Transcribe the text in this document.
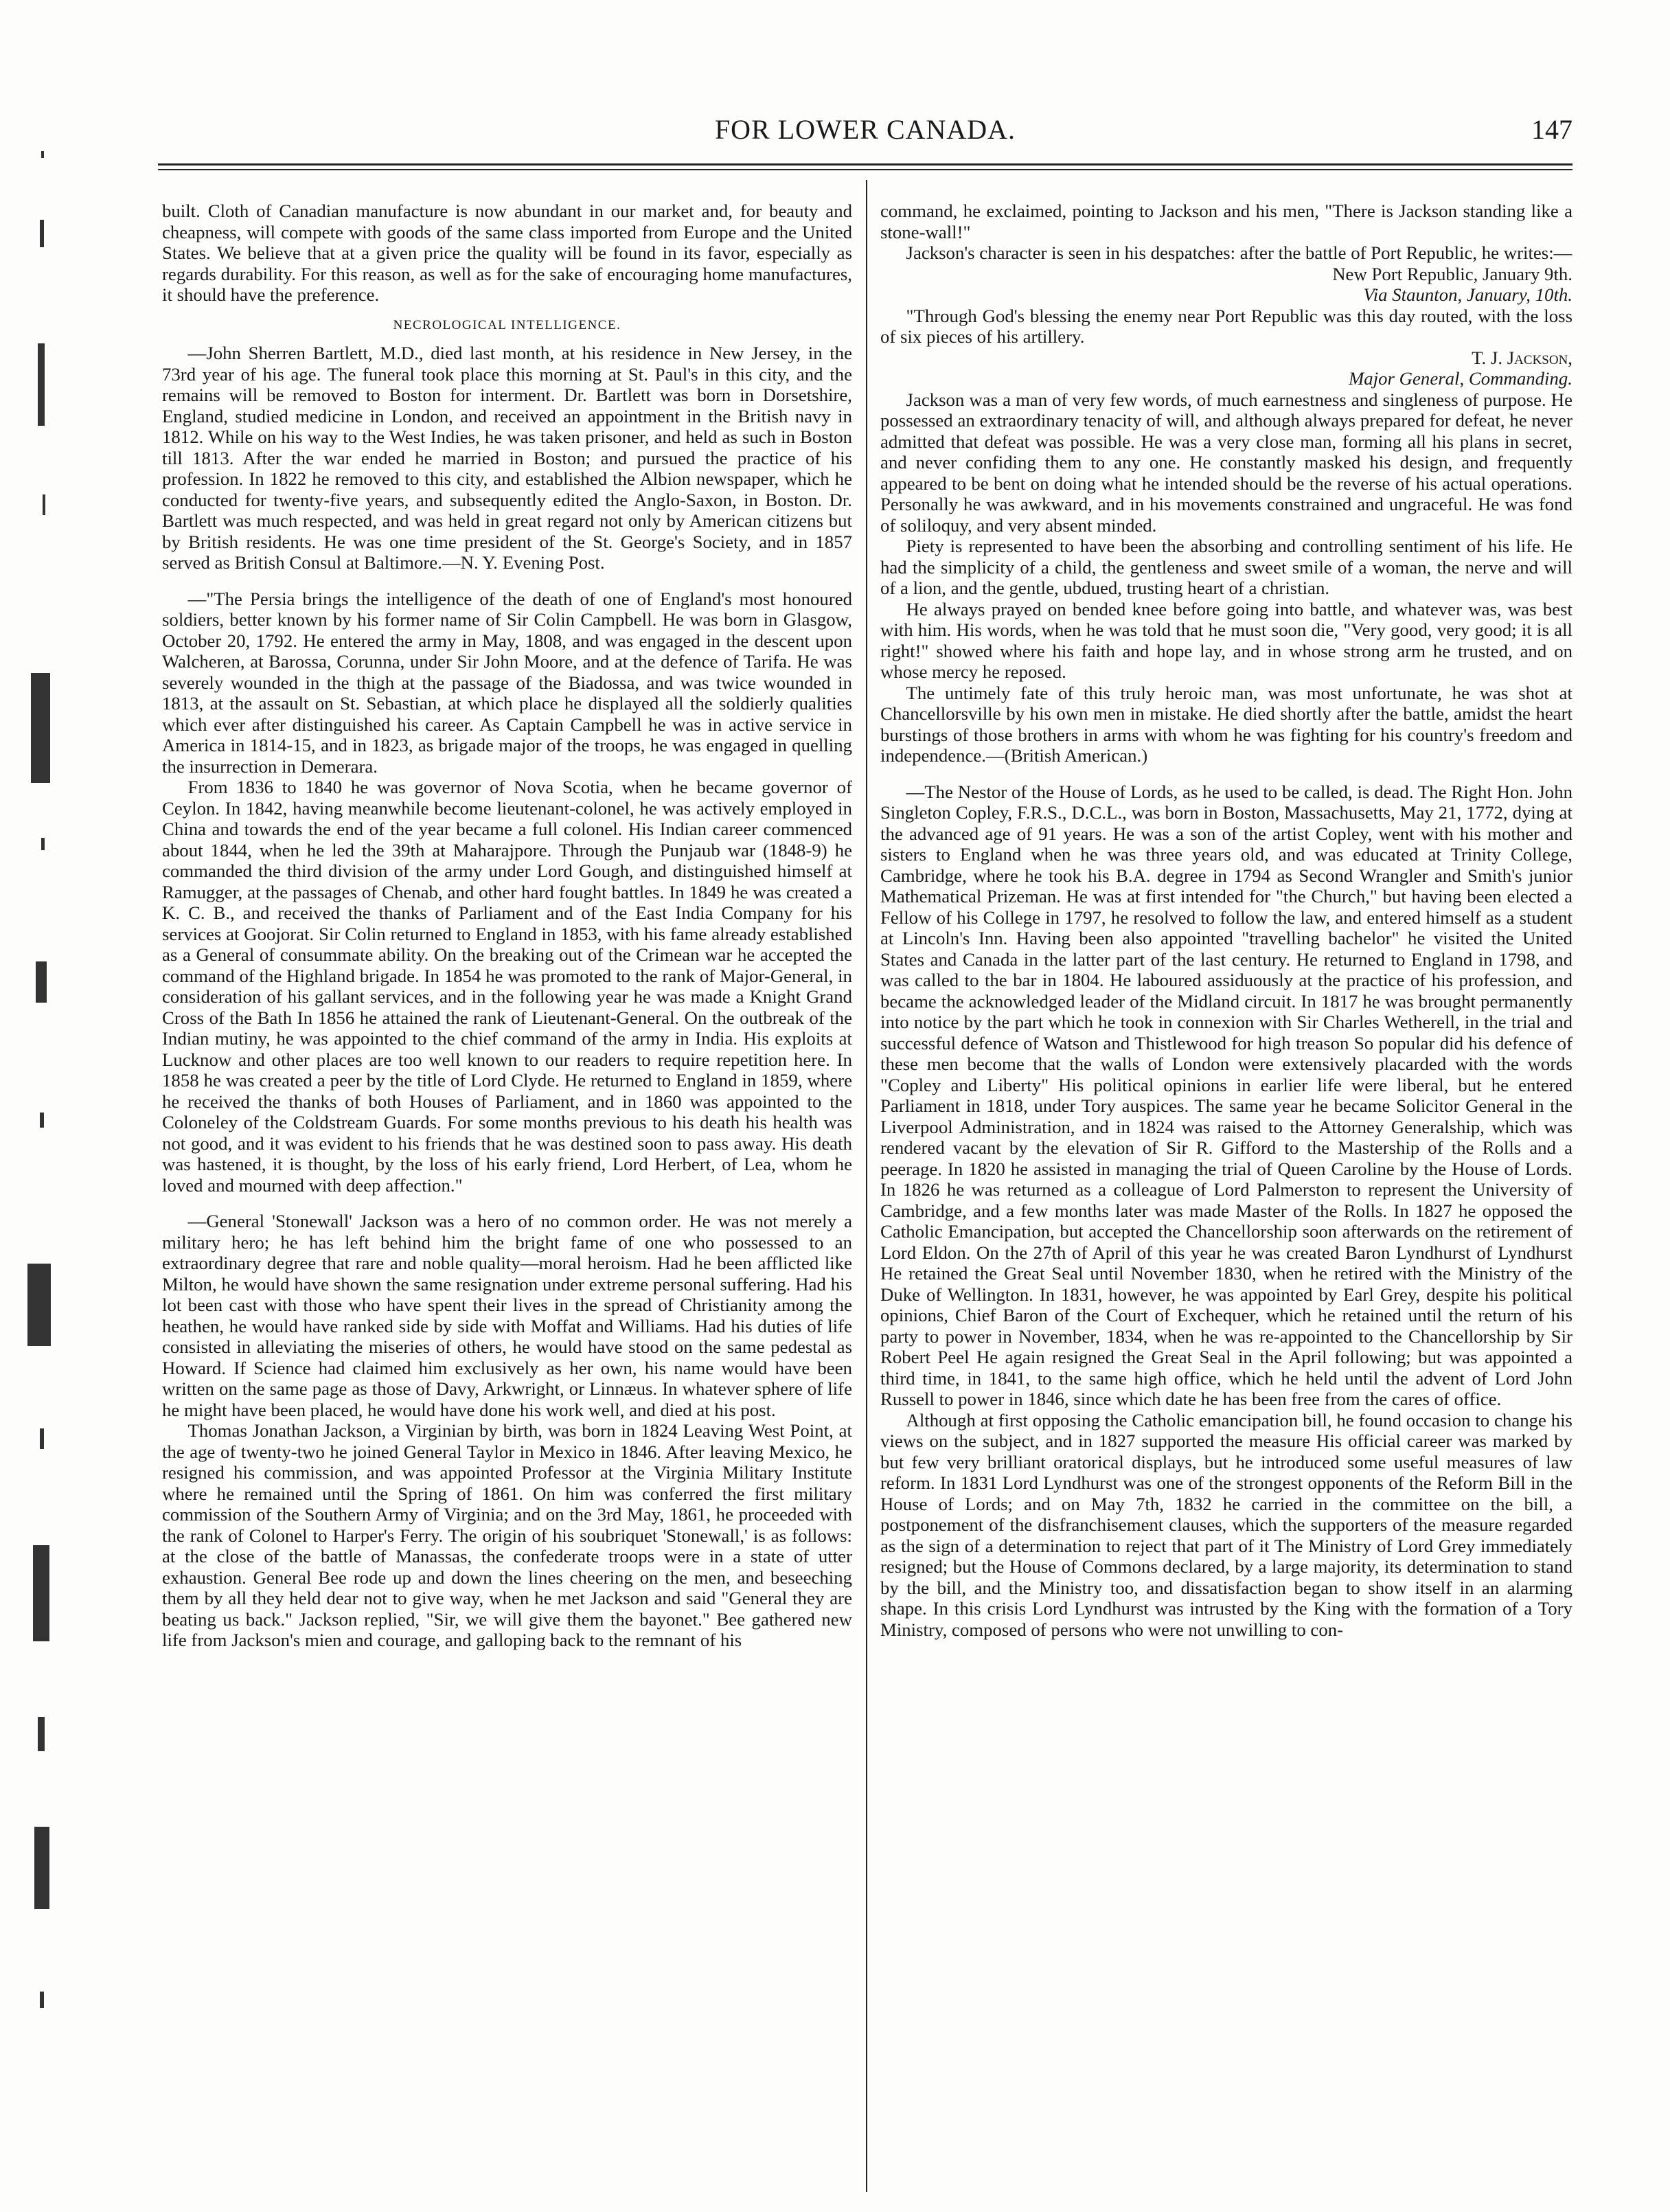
FOR LOWER CANADA.	147

built. Cloth of Canadian manufacture is now abundant in our market and, for beauty and cheapness, will compete with goods of the same class imported from Europe and the United States. We believe that at a given price the quality will be found in its favor, especially as regards durability. For this reason, as well as for the sake of encouraging home manufactures, it should have the preference.

NECROLOGICAL INTELLIGENCE.

—John Sherren Bartlett, M.D., died last month, at his residence in New Jersey, in the 73rd year of his age. The funeral took place this morning at St. Paul's in this city, and the remains will be removed to Boston for interment. Dr. Bartlett was born in Dorsetshire, England, studied medicine in London, and received an appointment in the British navy in 1812. While on his way to the West Indies, he was taken prisoner, and held as such in Boston till 1813. After the war ended he married in Boston; and pursued the practice of his profession. In 1822 he removed to this city, and established the Albion newspaper, which he conducted for twenty-five years, and subsequently edited the Anglo-Saxon, in Boston. Dr. Bartlett was much respected, and was held in great regard not only by American citizens but by British residents. He was one time president of the St. George's Society, and in 1857 served as British Consul at Baltimore.—N. Y. Evening Post.

—"The Persia brings the intelligence of the death of one of England's most honoured soldiers, better known by his former name of Sir Colin Campbell. He was born in Glasgow, October 20, 1792. He entered the army in May, 1808, and was engaged in the descent upon Walcheren, at Barossa, Corunna, under Sir John Moore, and at the defence of Tarifa. He was severely wounded in the thigh at the passage of the Biadossa, and was twice wounded in 1813, at the assault on St. Sebastian, at which place he displayed all the soldierly qualities which ever after distinguished his career. As Captain Campbell he was in active service in America in 1814-15, and in 1823, as brigade major of the troops, he was engaged in quelling the insurrection in Demerara.

From 1836 to 1840 he was governor of Nova Scotia, when he became governor of Ceylon. In 1842, having meanwhile become lieutenant-colonel, he was actively employed in China and towards the end of the year became a full colonel. His Indian career commenced about 1844, when he led the 39th at Maharajpore. Through the Punjaub war (1848-9) he commanded the third division of the army under Lord Gough, and distinguished himself at Ramugger, at the passages of Chenab, and other hard fought battles. In 1849 he was created a K. C. B., and received the thanks of Parliament and of the East India Company for his services at Goojorat. Sir Colin returned to England in 1853, with his fame already established as a General of consummate ability. On the breaking out of the Crimean war he accepted the command of the Highland brigade. In 1854 he was promoted to the rank of Major-General, in consideration of his gallant services, and in the following year he was made a Knight Grand Cross of the Bath In 1856 he attained the rank of Lieutenant-General. On the outbreak of the Indian mutiny, he was appointed to the chief command of the army in India. His exploits at Lucknow and other places are too well known to our readers to require repetition here. In 1858 he was created a peer by the title of Lord Clyde. He returned to England in 1859, where he received the thanks of both Houses of Parliament, and in 1860 was appointed to the Coloneley of the Coldstream Guards. For some months previous to his death his health was not good, and it was evident to his friends that he was destined soon to pass away. His death was hastened, it is thought, by the loss of his early friend, Lord Herbert, of Lea, whom he loved and mourned with deep affection."

—General 'Stonewall' Jackson was a hero of no common order. He was not merely a military hero; he has left behind him the bright fame of one who possessed to an extraordinary degree that rare and noble quality—moral heroism. Had he been afflicted like Milton, he would have shown the same resignation under extreme personal suffering. Had his lot been cast with those who have spent their lives in the spread of Christianity among the heathen, he would have ranked side by side with Moffat and Williams. Had his duties of life consisted in alleviating the miseries of others, he would have stood on the same pedestal as Howard. If Science had claimed him exclusively as her own, his name would have been written on the same page as those of Davy, Arkwright, or Linnæus. In whatever sphere of life he might have been placed, he would have done his work well, and died at his post.

Thomas Jonathan Jackson, a Virginian by birth, was born in 1824 Leaving West Point, at the age of twenty-two he joined General Taylor in Mexico in 1846. After leaving Mexico, he resigned his commission, and was appointed Professor at the Virginia Military Institute where he remained until the Spring of 1861. On him was conferred the first military commission of the Southern Army of Virginia; and on the 3rd May, 1861, he proceeded with the rank of Colonel to Harper's Ferry. The origin of his soubriquet 'Stonewall,' is as follows: at the close of the battle of Manassas, the confederate troops were in a state of utter exhaustion. General Bee rode up and down the lines cheering on the men, and beseeching them by all they held dear not to give way, when he met Jackson and said "General they are beating us back." Jackson replied, "Sir, we will give them the bayonet." Bee gathered new life from Jackson's mien and courage, and galloping back to the remnant of his

command, he exclaimed, pointing to Jackson and his men, "There is Jackson standing like a stone-wall!"

Jackson's character is seen in his despatches: after the battle of Port Republic, he writes:—

New Port Republic, January 9th.

Via Staunton, January, 10th.

"Through God's blessing the enemy near Port Republic was this day routed, with the loss of six pieces of his artillery.

T. J. Jackson,

Major General, Commanding.

Jackson was a man of very few words, of much earnestness and singleness of purpose. He possessed an extraordinary tenacity of will, and although always prepared for defeat, he never admitted that defeat was possible. He was a very close man, forming all his plans in secret, and never confiding them to any one. He constantly masked his design, and frequently appeared to be bent on doing what he intended should be the reverse of his actual operations. Personally he was awkward, and in his movements constrained and ungraceful. He was fond of soliloquy, and very absent minded.

Piety is represented to have been the absorbing and controlling sentiment of his life. He had the simplicity of a child, the gentleness and sweet smile of a woman, the nerve and will of a lion, and the gentle, ubdued, trusting heart of a christian.

He always prayed on bended knee before going into battle, and whatever was, was best with him. His words, when he was told that he must soon die, "Very good, very good; it is all right!" showed where his faith and hope lay, and in whose strong arm he trusted, and on whose mercy he reposed.

The untimely fate of this truly heroic man, was most unfortunate, he was shot at Chancellorsville by his own men in mistake. He died shortly after the battle, amidst the heart burstings of those brothers in arms with whom he was fighting for his country's freedom and independence.—(British American.)

—The Nestor of the House of Lords, as he used to be called, is dead. The Right Hon. John Singleton Copley, F.R.S., D.C.L., was born in Boston, Massachusetts, May 21, 1772, dying at the advanced age of 91 years. He was a son of the artist Copley, went with his mother and sisters to England when he was three years old, and was educated at Trinity College, Cambridge, where he took his B.A. degree in 1794 as Second Wrangler and Smith's junior Mathematical Prizeman. He was at first intended for "the Church," but having been elected a Fellow of his College in 1797, he resolved to follow the law, and entered himself as a student at Lincoln's Inn. Having been also appointed "travelling bachelor" he visited the United States and Canada in the latter part of the last century. He returned to England in 1798, and was called to the bar in 1804. He laboured assiduously at the practice of his profession, and became the acknowledged leader of the Midland circuit. In 1817 he was brought permanently into notice by the part which he took in connexion with Sir Charles Wetherell, in the trial and successful defence of Watson and Thistlewood for high treason So popular did his defence of these men become that the walls of London were extensively placarded with the words "Copley and Liberty" His political opinions in earlier life were liberal, but he entered Parliament in 1818, under Tory auspices. The same year he became Solicitor General in the Liverpool Administration, and in 1824 was raised to the Attorney Generalship, which was rendered vacant by the elevation of Sir R. Gifford to the Mastership of the Rolls and a peerage. In 1820 he assisted in managing the trial of Queen Caroline by the House of Lords. In 1826 he was returned as a colleague of Lord Palmerston to represent the University of Cambridge, and a few months later was made Master of the Rolls. In 1827 he opposed the Catholic Emancipation, but accepted the Chancellorship soon afterwards on the retirement of Lord Eldon. On the 27th of April of this year he was created Baron Lyndhurst of Lyndhurst He retained the Great Seal until November 1830, when he retired with the Ministry of the Duke of Wellington. In 1831, however, he was appointed by Earl Grey, despite his political opinions, Chief Baron of the Court of Exchequer, which he retained until the return of his party to power in November, 1834, when he was re-appointed to the Chancellorship by Sir Robert Peel He again resigned the Great Seal in the April following; but was appointed a third time, in 1841, to the same high office, which he held until the advent of Lord John Russell to power in 1846, since which date he has been free from the cares of office.

Although at first opposing the Catholic emancipation bill, he found occasion to change his views on the subject, and in 1827 supported the measure His official career was marked by but few very brilliant oratorical displays, but he introduced some useful measures of law reform. In 1831 Lord Lyndhurst was one of the strongest opponents of the Reform Bill in the House of Lords; and on May 7th, 1832 he carried in the committee on the bill, a postponement of the disfranchisement clauses, which the supporters of the measure regarded as the sign of a determination to reject that part of it The Ministry of Lord Grey immediately resigned; but the House of Commons declared, by a large majority, its determination to stand by the bill, and the Ministry too, and dissatisfaction began to show itself in an alarming shape. In this crisis Lord Lyndhurst was intrusted by the King with the formation of a Tory Ministry, composed of persons who were not unwilling to con-
